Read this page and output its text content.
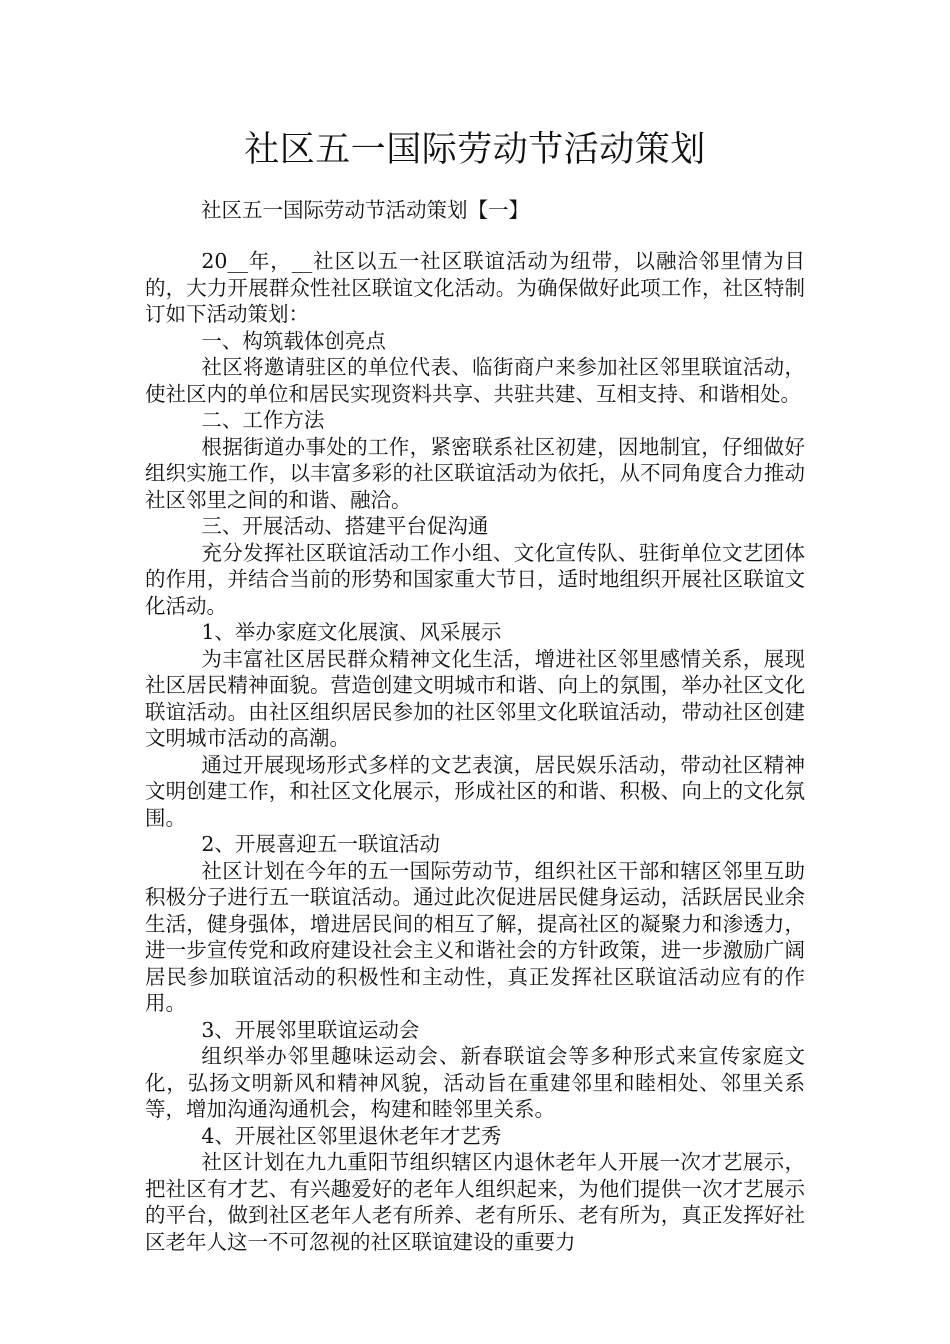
社区五一国际劳动节活动策划
社区五一国际劳动节活动策划【一】

20__年，__社区以五一社区联谊活动为纽带，以融洽邻里情为目的，大力开展群众性社区联谊文化活动。为确保做好此项工作，社区特制订如下活动策划：

一、构筑载体创亮点

社区将邀请驻区的单位代表、临街商户来参加社区邻里联谊活动，使社区内的单位和居民实现资料共享、共驻共建、互相支持、和谐相处。

二、工作方法

根据街道办事处的工作，紧密联系社区初建，因地制宜，仔细做好组织实施工作，以丰富多彩的社区联谊活动为依托，从不同角度合力推动社区邻里之间的和谐、融洽。

三、开展活动、搭建平台促沟通

充分发挥社区联谊活动工作小组、文化宣传队、驻街单位文艺团体的作用，并结合当前的形势和国家重大节日，适时地组织开展社区联谊文化活动。

1、举办家庭文化展演、风采展示

为丰富社区居民群众精神文化生活，增进社区邻里感情关系，展现社区居民精神面貌。营造创建文明城市和谐、向上的氛围，举办社区文化联谊活动。由社区组织居民参加的社区邻里文化联谊活动，带动社区创建文明城市活动的高潮。

通过开展现场形式多样的文艺表演，居民娱乐活动，带动社区精神文明创建工作，和社区文化展示，形成社区的和谐、积极、向上的文化氛围。

2、开展喜迎五一联谊活动

社区计划在今年的五一国际劳动节，组织社区干部和辖区邻里互助积极分子进行五一联谊活动。通过此次促进居民健身运动，活跃居民业余生活，健身强体，增进居民间的相互了解，提高社区的凝聚力和渗透力，进一步宣传党和政府建设社会主义和谐社会的方针政策，进一步激励广阔居民参加联谊活动的积极性和主动性，真正发挥社区联谊活动应有的作用。

3、开展邻里联谊运动会

组织举办邻里趣味运动会、新春联谊会等多种形式来宣传家庭文化，弘扬文明新风和精神风貌，活动旨在重建邻里和睦相处、邻里关系等，增加沟通沟通机会，构建和睦邻里关系。

4、开展社区邻里退休老年才艺秀

社区计划在九九重阳节组织辖区内退休老年人开展一次才艺展示，把社区有才艺、有兴趣爱好的老年人组织起来，为他们提供一次才艺展示的平台，做到社区老年人老有所养、老有所乐、老有所为，真正发挥好社区老年人这一不可忽视的社区联谊建设的重要力
